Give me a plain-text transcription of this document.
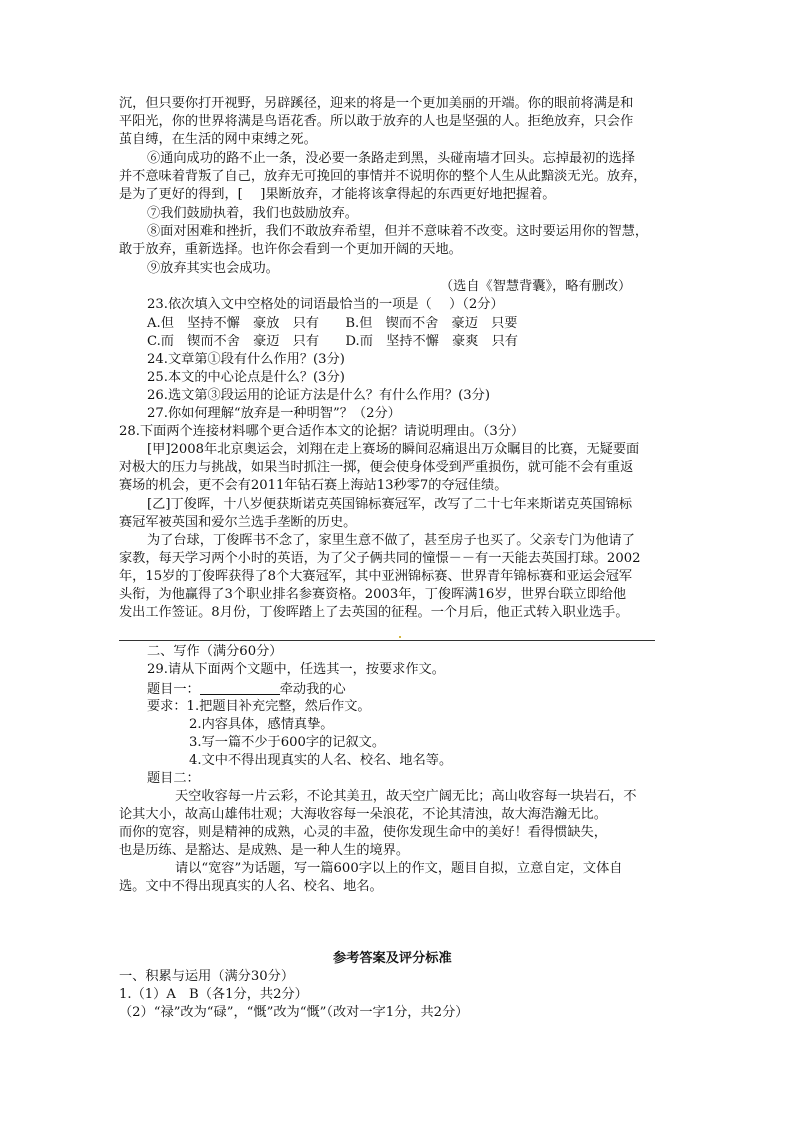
沉，但只要你打开视野，另辟蹊径，迎来的将是一个更加美丽的开端。你的眼前将满是和
平阳光，你的世界将满是鸟语花香。所以敢于放弃的人也是坚强的人。拒绝放弃，只会作
茧自缚，在生活的网中束缚之死。
⑥通向成功的路不止一条，没必要一条路走到黑，头碰南墙才回头。忘掉最初的选择
并不意味着背叛了自己，放弃无可挽回的事情并不说明你的整个人生从此黯淡无光。放弃，
是为了更好的得到，[　 ]果断放弃，才能将该拿得起的东西更好地把握着。
⑦我们鼓励执着，我们也鼓励放弃。
⑧面对困难和挫折，我们不敢放弃希望，但并不意味着不改变。这时要运用你的智慧，
敢于放弃，重新选择。也许你会看到一个更加开阔的天地。
⑨放弃其实也会成功。
（选自《智慧背囊》，略有删改）
23.依次填入文中空格处的词语最恰当的一项是（　 ）（2分）
A.但　坚持不懈　豪放　只有　　B.但　锲而不舍　豪迈　只要
C.而　锲而不舍　豪迈　只有　　D.而　坚持不懈　豪爽　只有
24.文章第①段有什么作用？(3分)
25.本文的中心论点是什么？(3分)
26.选文第③段运用的论证方法是什么？有什么作用？(3分)
27.你如何理解“放弃是一种明智”？（2分）
28.下面两个连接材料哪个更合适作本文的论据？请说明理由。（3分）
[甲]2008年北京奥运会，刘翔在走上赛场的瞬间忍痛退出万众瞩目的比赛，无疑要面
对极大的压力与挑战，如果当时抓注一掷，便会使身体受到严重损伤，就可能不会有重返
赛场的机会，更不会有2011年钻石赛上海站13秒零7的夺冠佳绩。
[乙]丁俊晖，十八岁便获斯诺克英国锦标赛冠军，改写了二十七年来斯诺克英国锦标
赛冠军被英国和爱尔兰选手垄断的历史。
为了台球，丁俊晖书不念了，家里生意不做了，甚至房子也买了。父亲专门为他请了
家教，每天学习两个小时的英语，为了父子俩共同的憧憬－－有一天能去英国打球。2002
年，15岁的丁俊晖获得了8个大赛冠军，其中亚洲锦标赛、世界青年锦标赛和亚运会冠军
头衔，为他赢得了3个职业排名参赛资格。2003年，丁俊晖满16岁，世界台联立即给他
发出工作签证。8月份，丁俊晖踏上了去英国的征程。一个月后，他正式转入职业选手。
二、写作（满分60分）
29.请从下面两个文题中，任选其一，按要求作文。
题目一：	牵动我的心
要求：1.把题目补充完整，然后作文。
2.内容具体，感情真挚。
3.写一篇不少于600字的记叙文。
4.文中不得出现真实的人名、校名、地名等。
题目二：
天空收容每一片云彩，不论其美丑，故天空广阔无比；高山收容每一块岩石，不
论其大小，故高山雄伟壮观；大海收容每一朵浪花，不论其清浊，故大海浩瀚无比。
而你的宽容，则是精神的成熟，心灵的丰盈，使你发现生命中的美好！看得惯缺失，
也是历练、是豁达、是成熟、是一种人生的境界。
请以“宽容”为话题，写一篇600字以上的作文，题目自拟，立意自定，文体自
选。文中不得出现真实的人名、校名、地名。
参考答案及评分标准
一、积累与运用（满分30分）
1.（1）A　B（各1分，共2分）
（2）“禄”改为“碌”，“慨”改为“慨”（改对一字1分，共2分）
